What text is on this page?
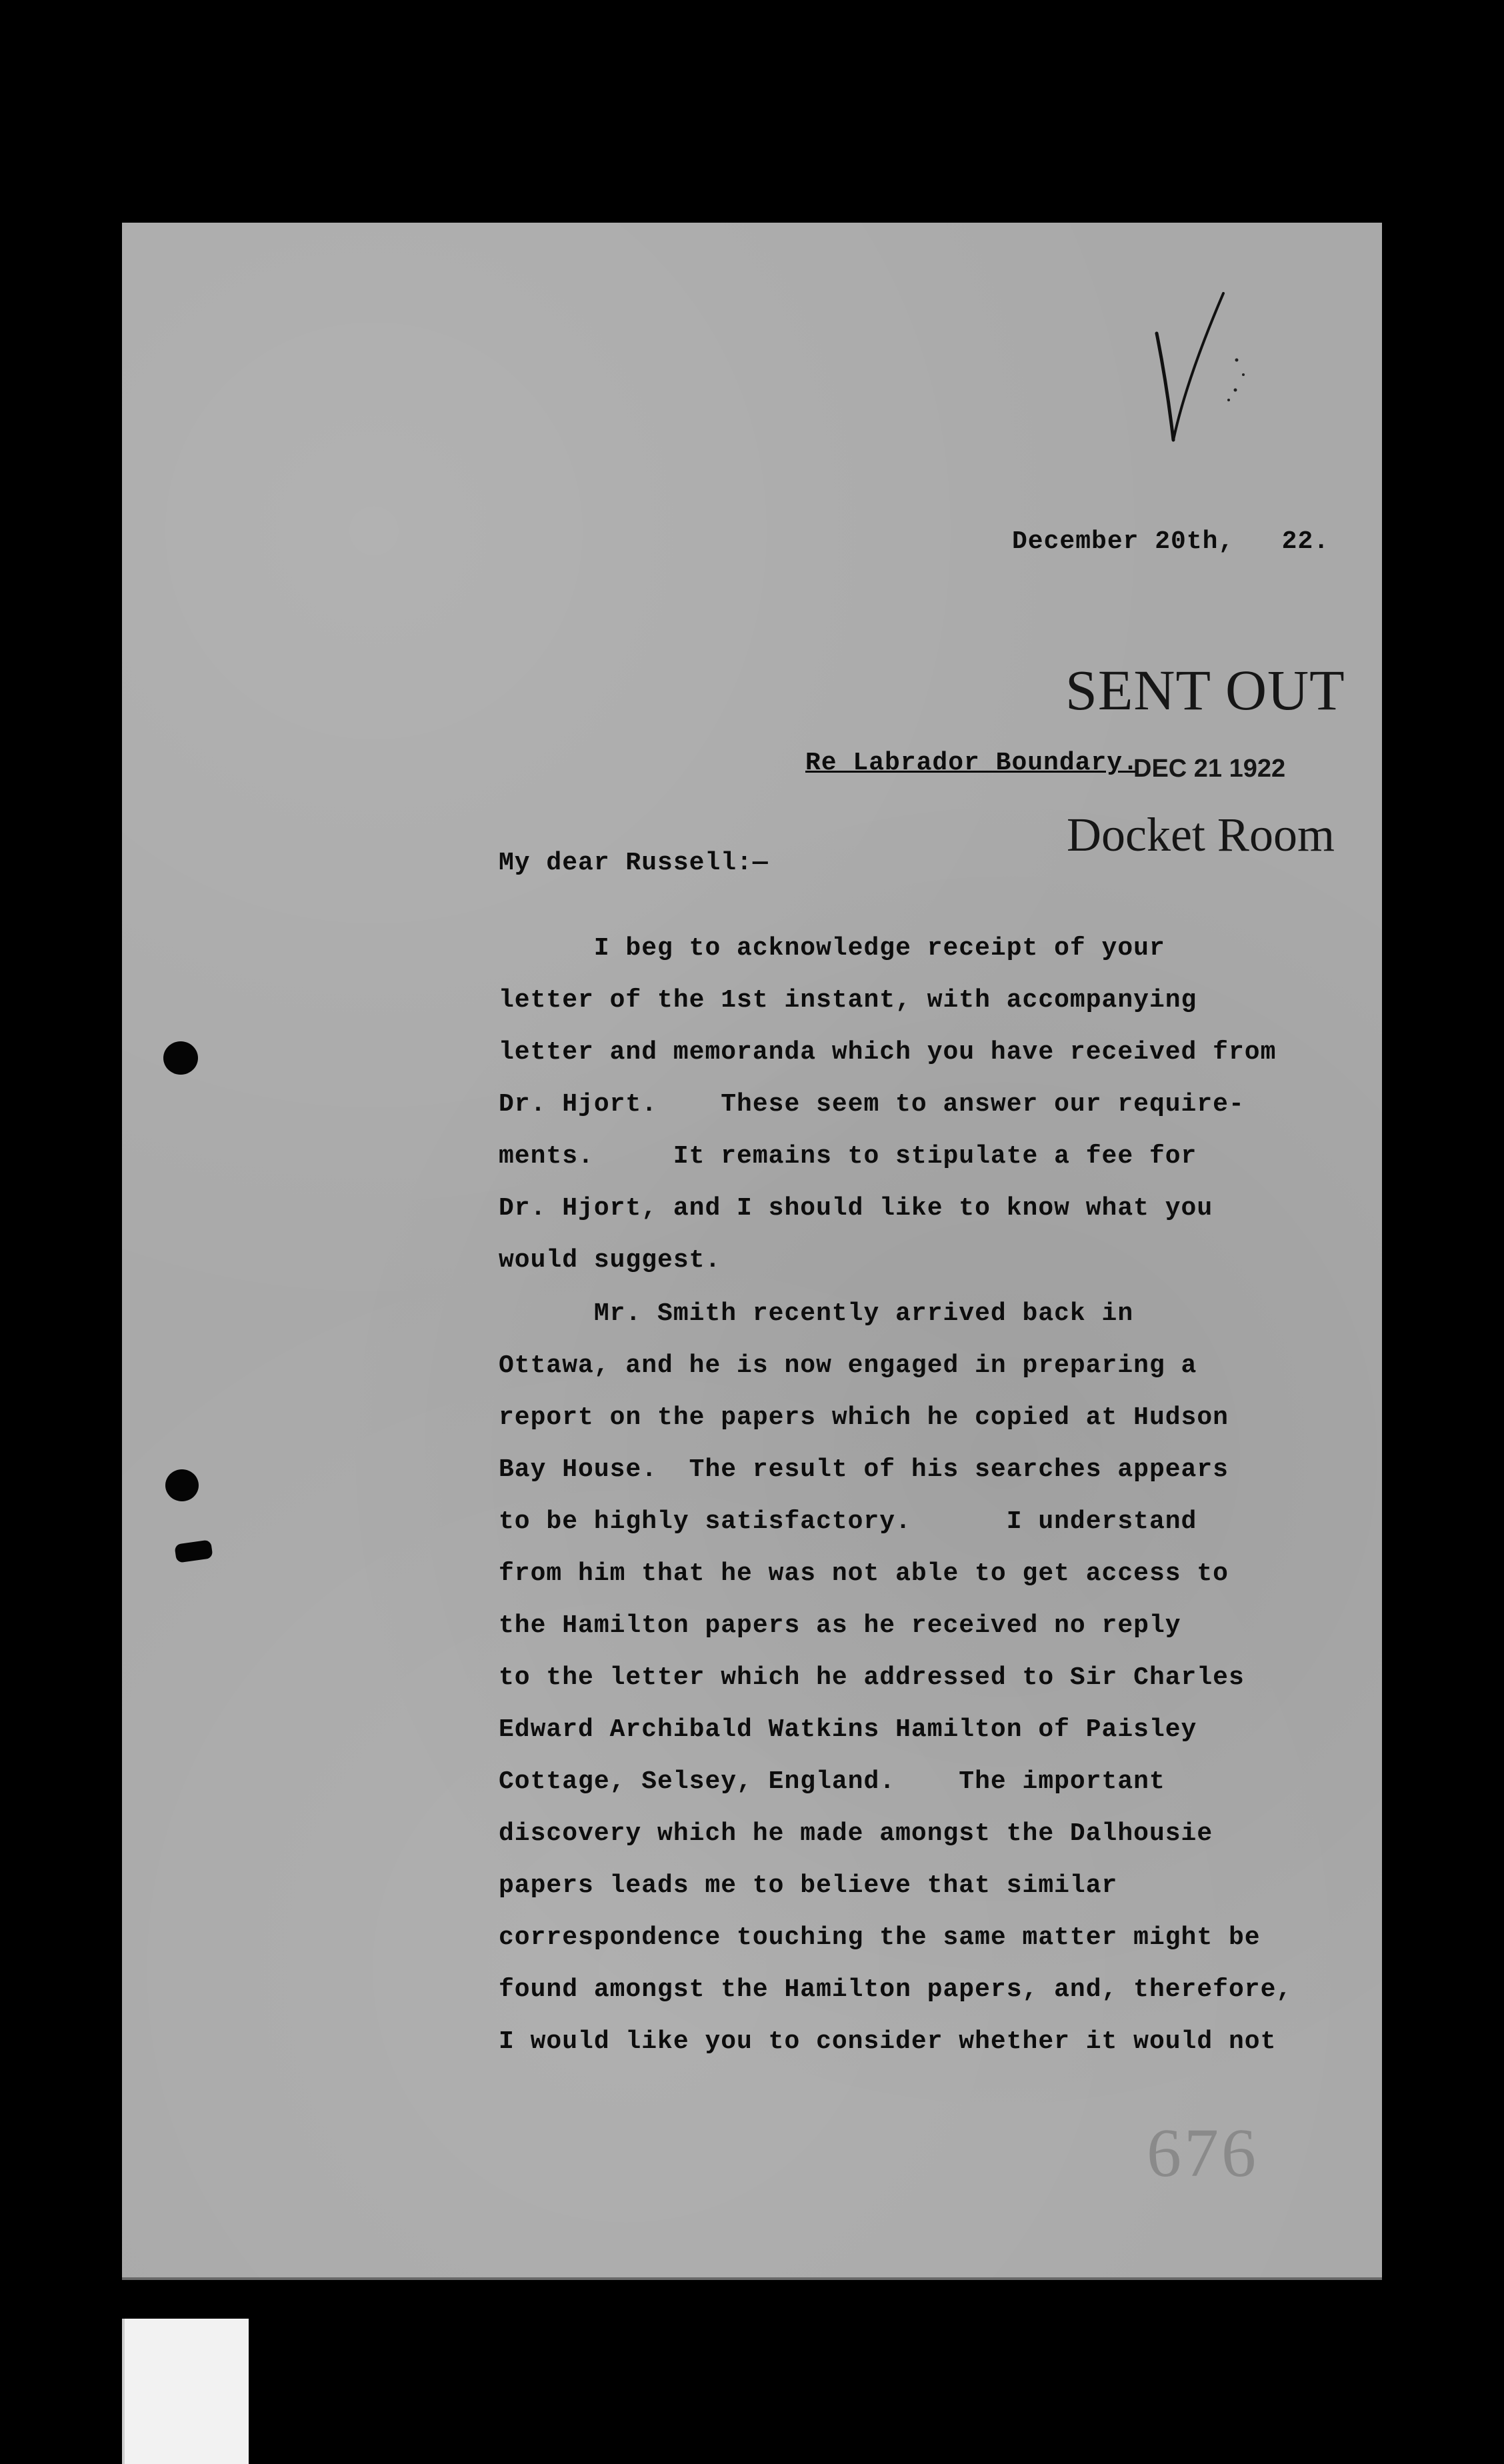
December 20th,   22.
SENT OUT
Re Labrador Boundary.
DEC 21 1922
Docket Room
My dear Russell:—
I beg to acknowledge receipt of your
letter of the 1st instant, with accompanying
letter and memoranda which you have received from
Dr. Hjort.    These seem to answer our require-
ments.     It remains to stipulate a fee for
Dr. Hjort, and I should like to know what you
would suggest.
Mr. Smith recently arrived back in
Ottawa, and he is now engaged in preparing a
report on the papers which he copied at Hudson
Bay House.  The result of his searches appears
to be highly satisfactory.      I understand
from him that he was not able to get access to
the Hamilton papers as he received no reply
to the letter which he addressed to Sir Charles
Edward Archibald Watkins Hamilton of Paisley
Cottage, Selsey, England.    The important
discovery which he made amongst the Dalhousie
papers leads me to believe that similar
correspondence touching the same matter might be
found amongst the Hamilton papers, and, therefore,
I would like you to consider whether it would not
676
